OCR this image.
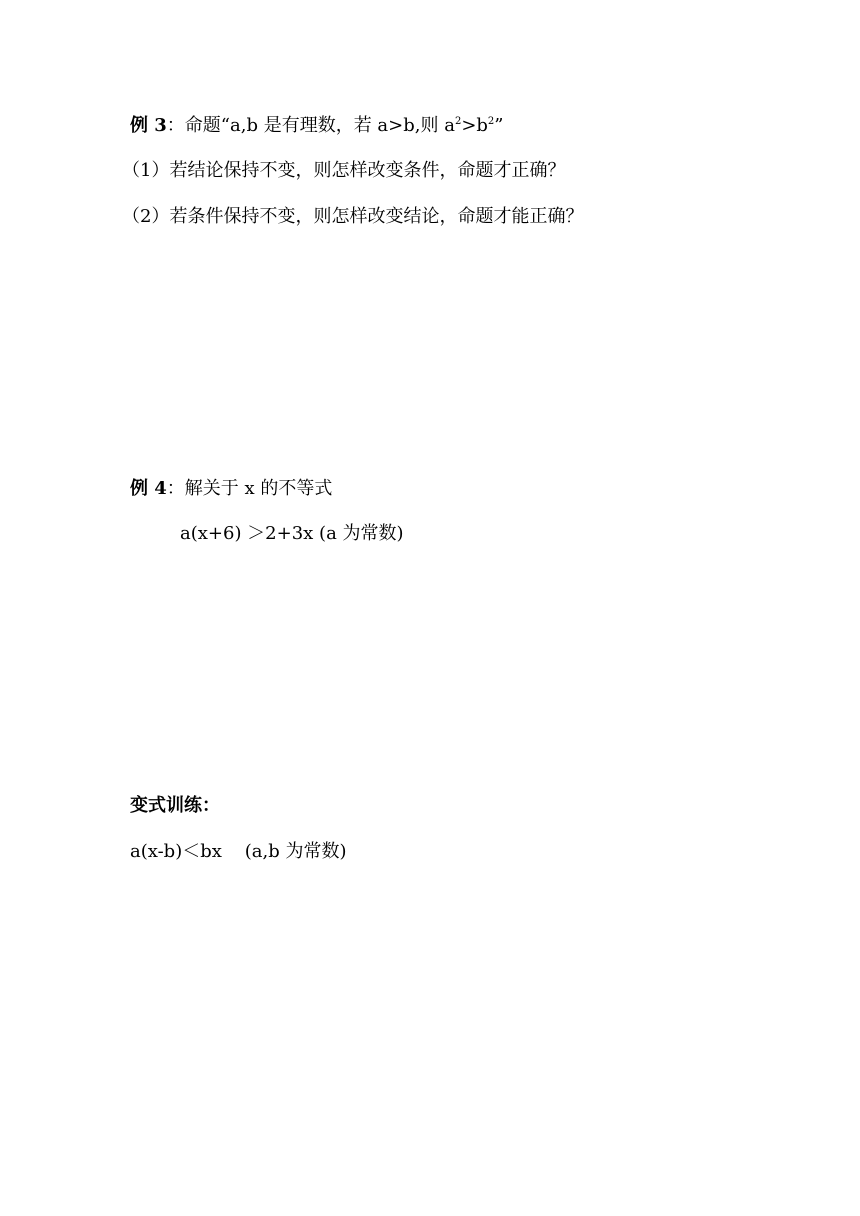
例 3：命题“a,b 是有理数，若 a>b,则 $a^2>b^2$”
（1）若结论保持不变，则怎样改变条件，命题才正确？
（2）若条件保持不变，则怎样改变结论，命题才能正确？
例 4：解关于 x 的不等式
a(x+6) ＞2+3x (a 为常数)
变式训练：
a(x-b)＜bx    (a,b 为常数)
